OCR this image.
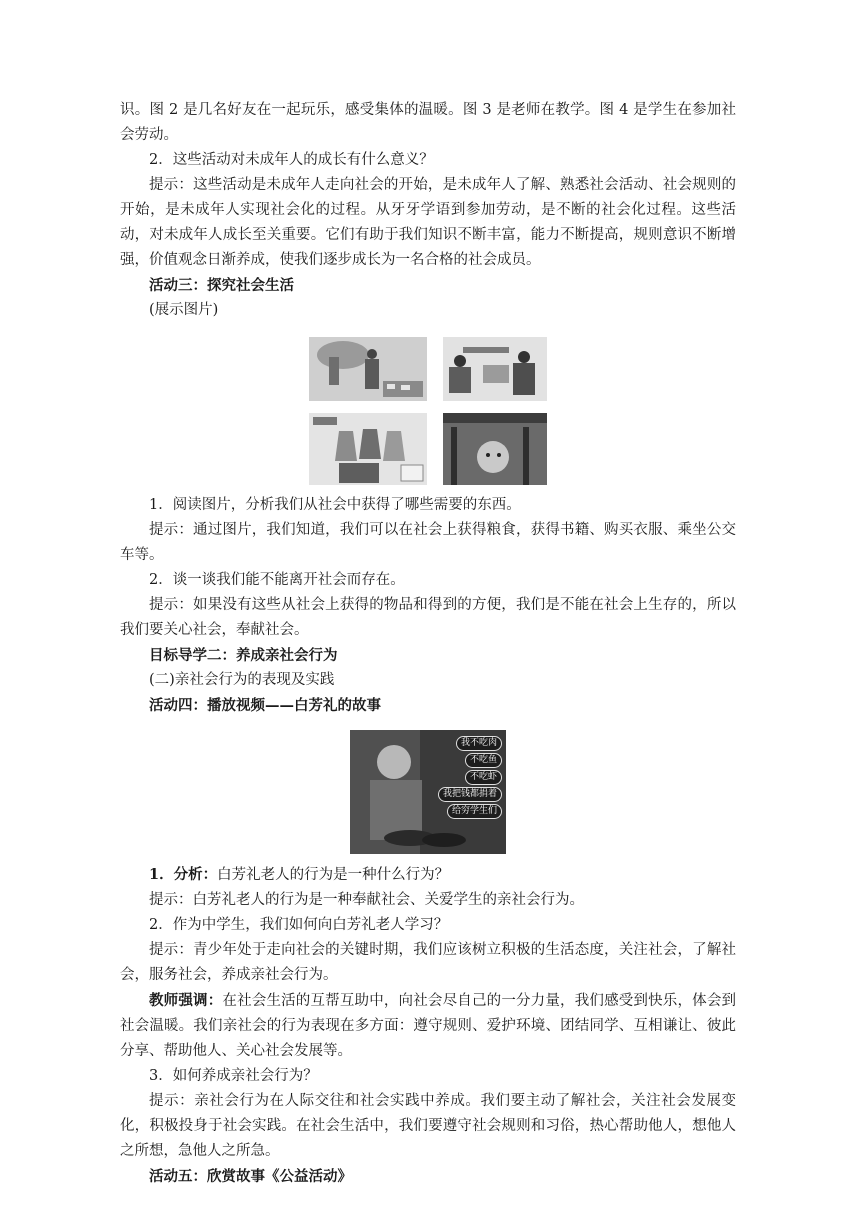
识。图 2 是几名好友在一起玩乐，感受集体的温暖。图 3 是老师在教学。图 4 是学生在参加社会劳动。

2．这些活动对未成年人的成长有什么意义？

提示：这些活动是未成年人走向社会的开始，是未成年人了解、熟悉社会活动、社会规则的开始，是未成年人实现社会化的过程。从牙牙学语到参加劳动，是不断的社会化过程。这些活动，对未成年人成长至关重要。它们有助于我们知识不断丰富，能力不断提高，规则意识不断增强，价值观念日渐养成，使我们逐步成长为一名合格的社会成员。

活动三：探究社会生活

(展示图片)

1．阅读图片，分析我们从社会中获得了哪些需要的东西。

提示：通过图片，我们知道，我们可以在社会上获得粮食，获得书籍、购买衣服、乘坐公交车等。

2．谈一谈我们能不能离开社会而存在。

提示：如果没有这些从社会上获得的物品和得到的方便，我们是不能在社会上生存的，所以我们要关心社会，奉献社会。

目标导学二：养成亲社会行为

(二)亲社会行为的表现及实践

活动四：播放视频——白芳礼的故事

我不吃肉
不吃鱼
不吃虾
我把钱都捐着
给穷学生们

1．分析：白芳礼老人的行为是一种什么行为？

提示：白芳礼老人的行为是一种奉献社会、关爱学生的亲社会行为。

2．作为中学生，我们如何向白芳礼老人学习？

提示：青少年处于走向社会的关键时期，我们应该树立积极的生活态度，关注社会，了解社会，服务社会，养成亲社会行为。

教师强调：在社会生活的互帮互助中，向社会尽自己的一分力量，我们感受到快乐，体会到社会温暖。我们亲社会的行为表现在多方面：遵守规则、爱护环境、团结同学、互相谦让、彼此分享、帮助他人、关心社会发展等。

3．如何养成亲社会行为？

提示：亲社会行为在人际交往和社会实践中养成。我们要主动了解社会，关注社会发展变化，积极投身于社会实践。在社会生活中，我们要遵守社会规则和习俗，热心帮助他人，想他人之所想，急他人之所急。

活动五：欣赏故事《公益活动》
